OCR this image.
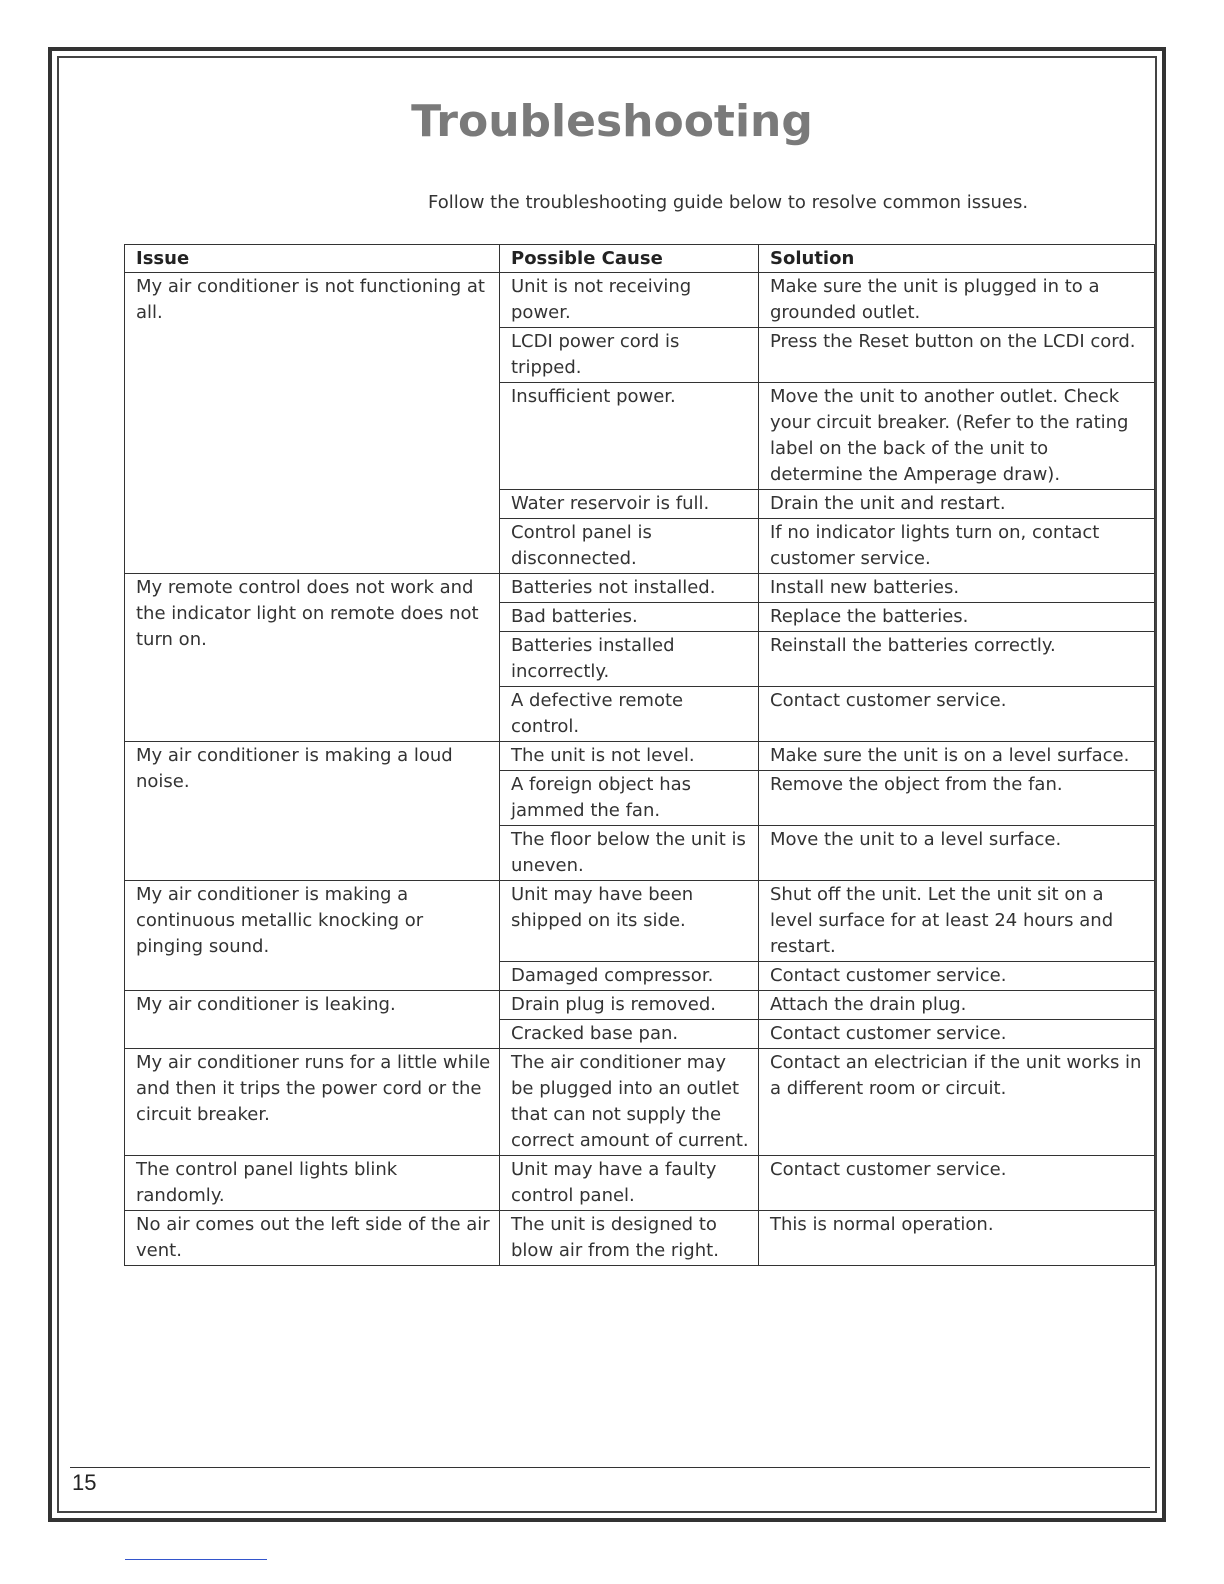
Troubleshooting
Follow the troubleshooting guide below to resolve common issues.
Issue	Possible Cause	Solution
My air conditioner is not functioning at all.	Unit is not receiving power.	Make sure the unit is plugged in to a grounded outlet.
	LCDI power cord is tripped.	Press the Reset button on the LCDI cord.
	Insufficient power.	Move the unit to another outlet. Check your circuit breaker. (Refer to the rating label on the back of the unit to determine the Amperage draw).
	Water reservoir is full.	Drain the unit and restart.
	Control panel is disconnected.	If no indicator lights turn on, contact customer service.
My remote control does not work and the indicator light on remote does not turn on.	Batteries not installed.	Install new batteries.
	Bad batteries.	Replace the batteries.
	Batteries installed incorrectly.	Reinstall the batteries correctly.
	A defective remote control.	Contact customer service.
My air conditioner is making a loud noise.	The unit is not level.	Make sure the unit is on a level surface.
	A foreign object has jammed the fan.	Remove the object from the fan.
	The floor below the unit is uneven.	Move the unit to a level surface.
My air conditioner is making a continuous metallic knocking or pinging sound.	Unit may have been shipped on its side.	Shut off the unit. Let the unit sit on a level surface for at least 24 hours and restart.
	Damaged compressor.	Contact customer service.
My air conditioner is leaking.	Drain plug is removed.	Attach the drain plug.
	Cracked base pan.	Contact customer service.
My air conditioner runs for a little while and then it trips the power cord or the circuit breaker.	The air conditioner may be plugged into an outlet that can not supply the correct amount of current.	Contact an electrician if the unit works in a different room or circuit.
The control panel lights blink randomly.	Unit may have a faulty control panel.	Contact customer service.
No air comes out the left side of the air vent.	The unit is designed to blow air from the right.	This is normal operation.
15
